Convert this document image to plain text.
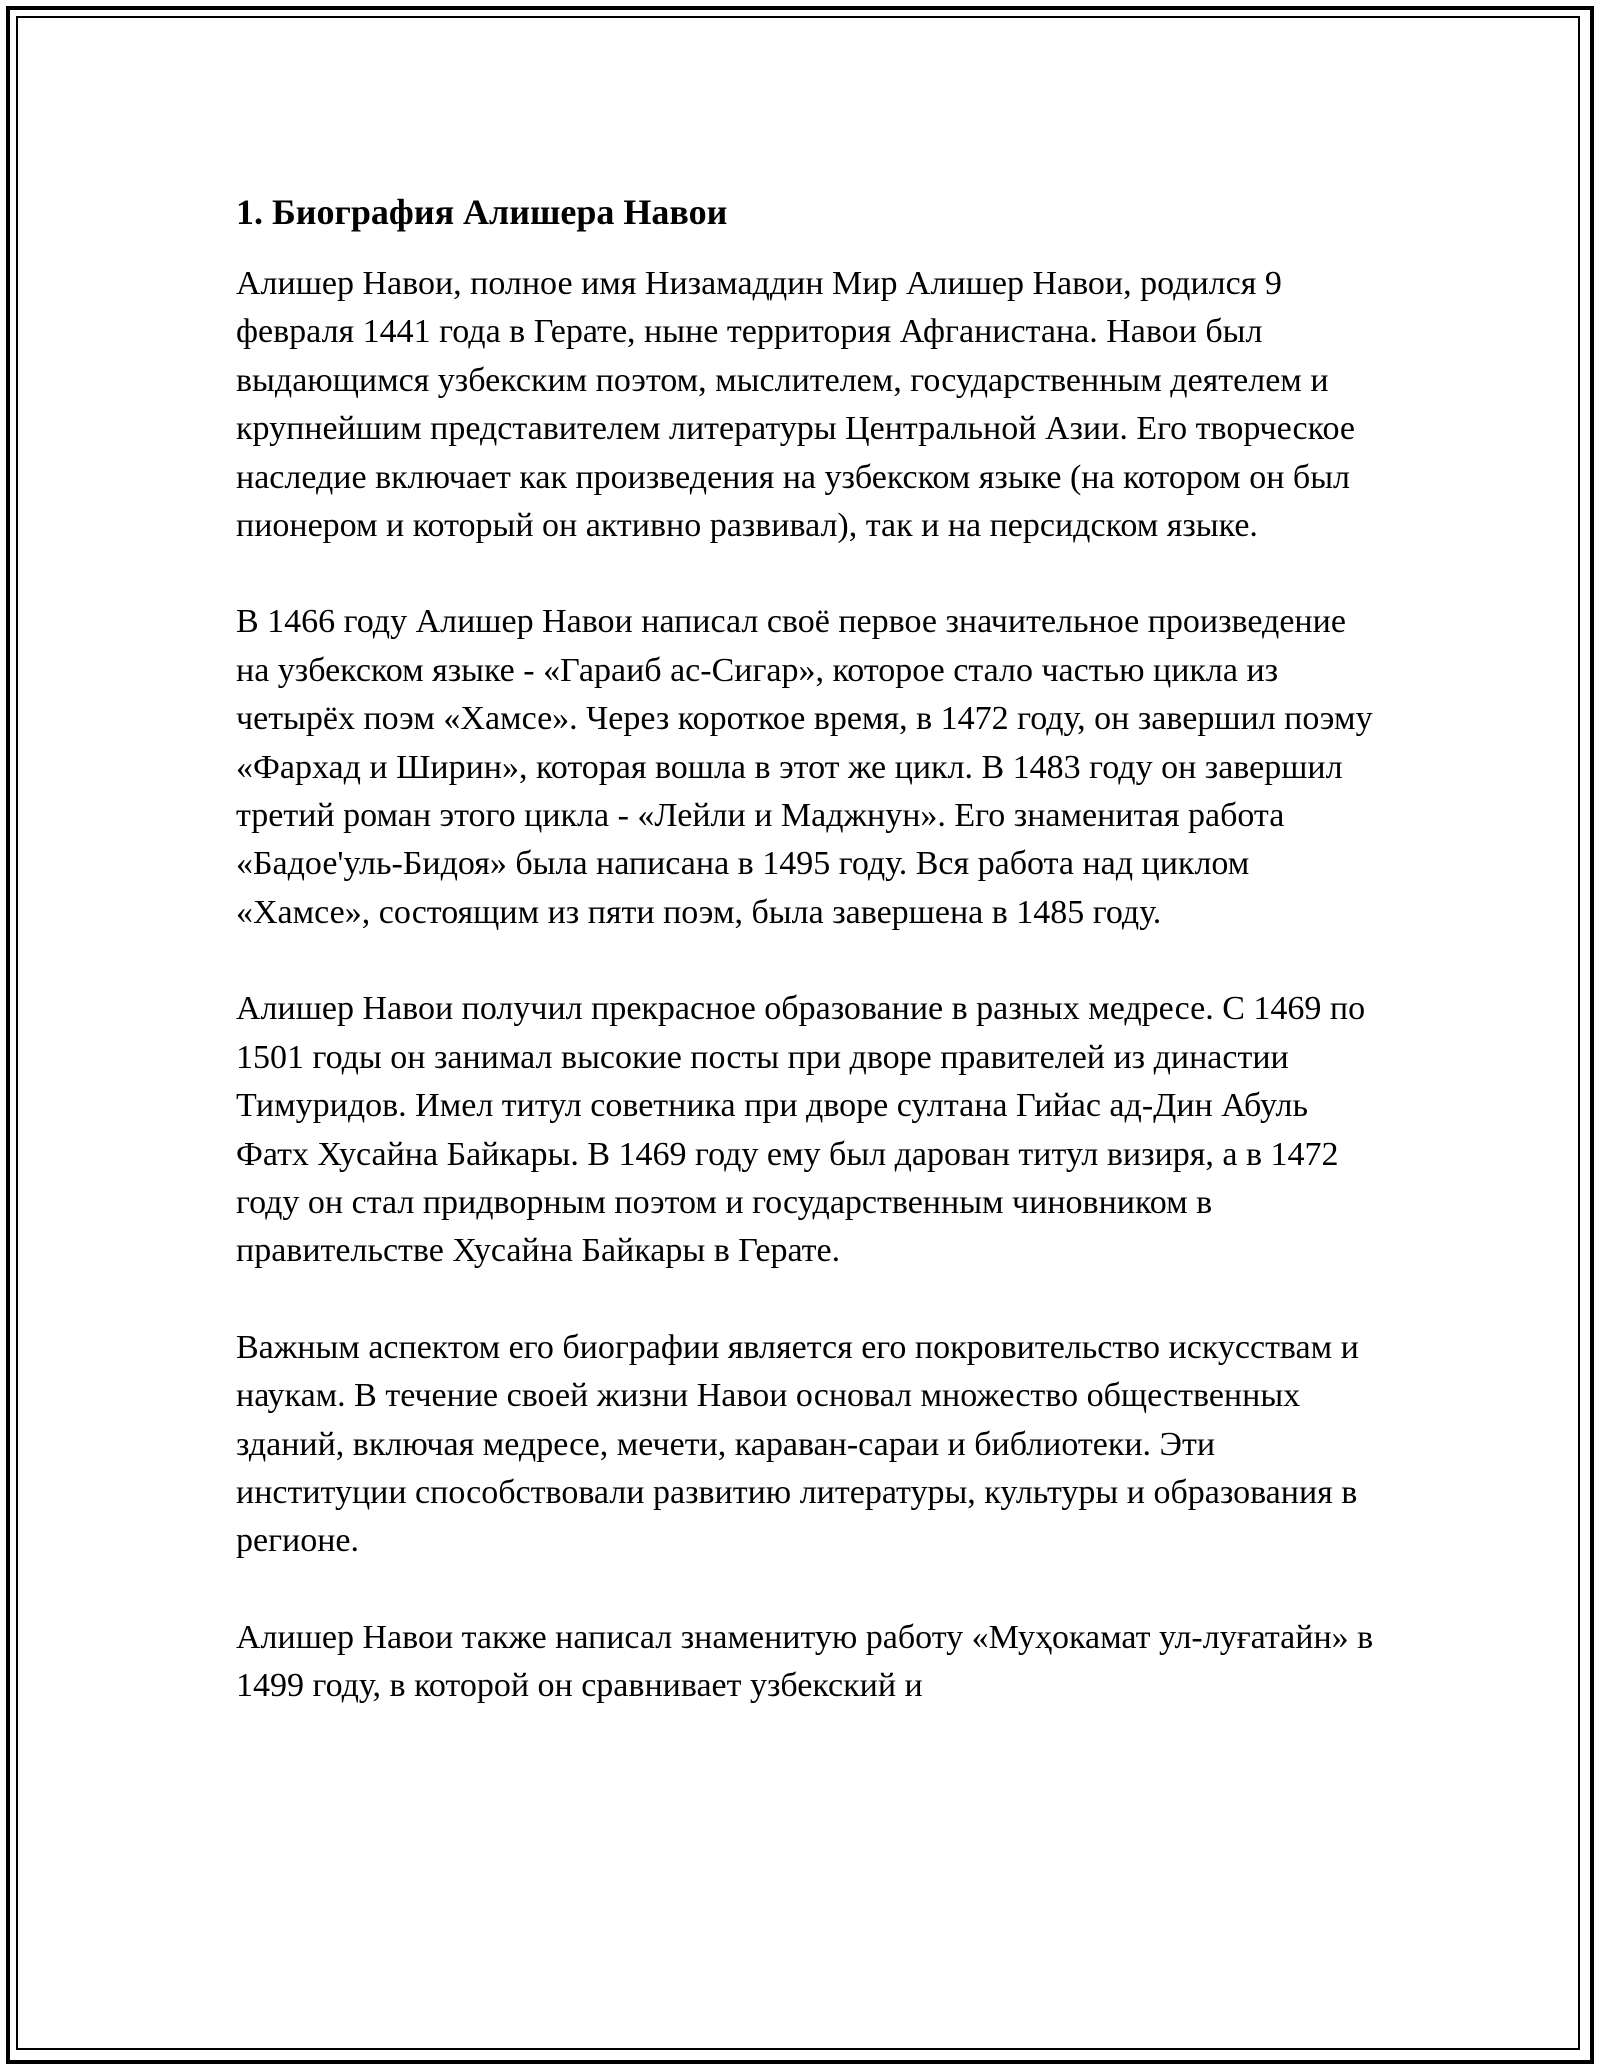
1. Биография Алишера Навои

Алишер Навои, полное имя Низамаддин Мир Алишер Навои, родился 9 февраля 1441 года в Герате, ныне территория Афганистана. Навои был выдающимся узбекским поэтом, мыслителем, государственным деятелем и крупнейшим представителем литературы Центральной Азии. Его творческое наследие включает как произведения на узбекском языке (на котором он был пионером и который он активно развивал), так и на персидском языке.

В 1466 году Алишер Навои написал своё первое значительное произведение на узбекском языке - «Гараиб ас-Сигар», которое стало частью цикла из четырёх поэм «Хамсе». Через короткое время, в 1472 году, он завершил поэму «Фархад и Ширин», которая вошла в этот же цикл. В 1483 году он завершил третий роман этого цикла - «Лейли и Маджнун». Его знаменитая работа «Бадое'уль-Бидоя» была написана в 1495 году. Вся работа над циклом «Хамсе», состоящим из пяти поэм, была завершена в 1485 году.

Алишер Навои получил прекрасное образование в разных медресе. С 1469 по 1501 годы он занимал высокие посты при дворе правителей из династии Тимуридов. Имел титул советника при дворе султана Гийас ад-Дин Абуль Фатх Хусайна Байкары. В 1469 году ему был дарован титул визиря, а в 1472 году он стал придворным поэтом и государственным чиновником в правительстве Хусайна Байкары в Герате.

Важным аспектом его биографии является его покровительство искусствам и наукам. В течение своей жизни Навои основал множество общественных зданий, включая медресе, мечети, караван-сараи и библиотеки. Эти институции способствовали развитию литературы, культуры и образования в регионе.

Алишер Навои также написал знаменитую работу «Муҳокамат ул-луғатайн» в 1499 году, в которой он сравнивает узбекский и
